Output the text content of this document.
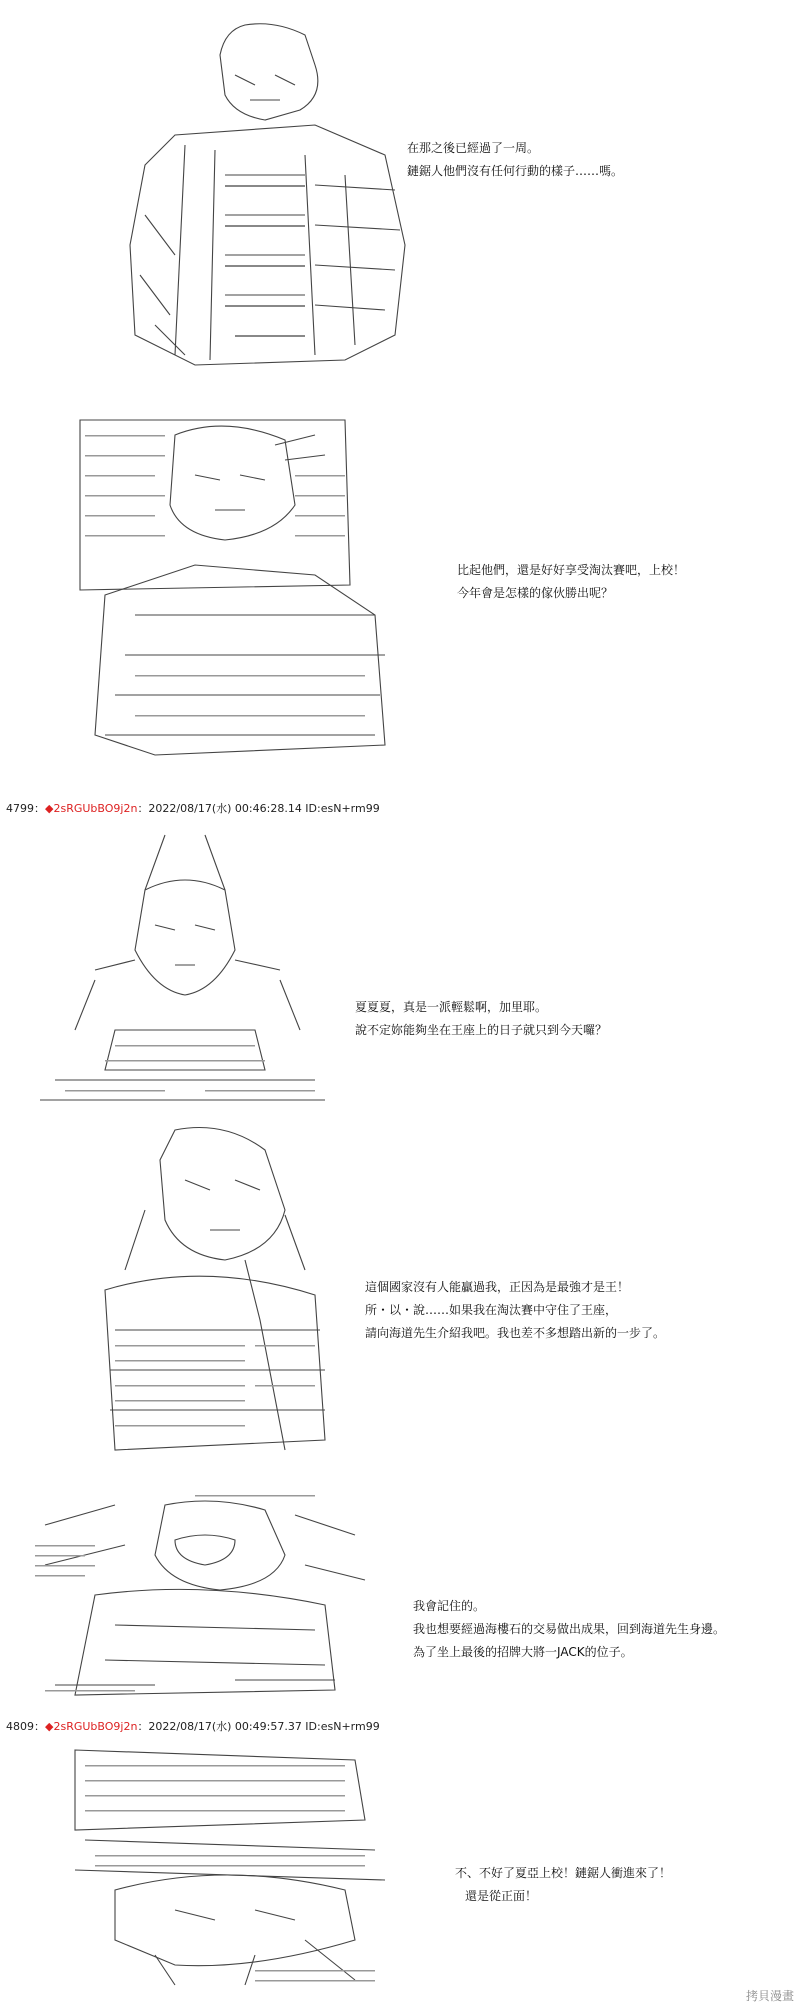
在那之後已經過了一周。
鏈鋸人他們沒有任何行動的樣子……嗎。
比起他們，還是好好享受淘汰賽吧，上校！
今年會是怎樣的傢伙勝出呢？
4799：◆2sRGUbBO9j2n：2022/08/17(水) 00:46:28.14 ID:esN+rm99
夏夏夏，真是一派輕鬆啊，加里耶。
說不定妳能夠坐在王座上的日子就只到今天囉？
這個國家沒有人能贏過我，正因為是最強才是王！
所・以・說……如果我在淘汰賽中守住了王座，
請向海道先生介紹我吧。我也差不多想踏出新的一步了。
我會記住的。
我也想要經過海樓石的交易做出成果，回到海道先生身邊。
為了坐上最後的招牌大將一JACK的位子。
4809：◆2sRGUbBO9j2n：2022/08/17(水) 00:49:57.37 ID:esN+rm99
不、不好了夏亞上校！鏈鋸人衝進來了！
還是從正面！
拷貝漫畫
